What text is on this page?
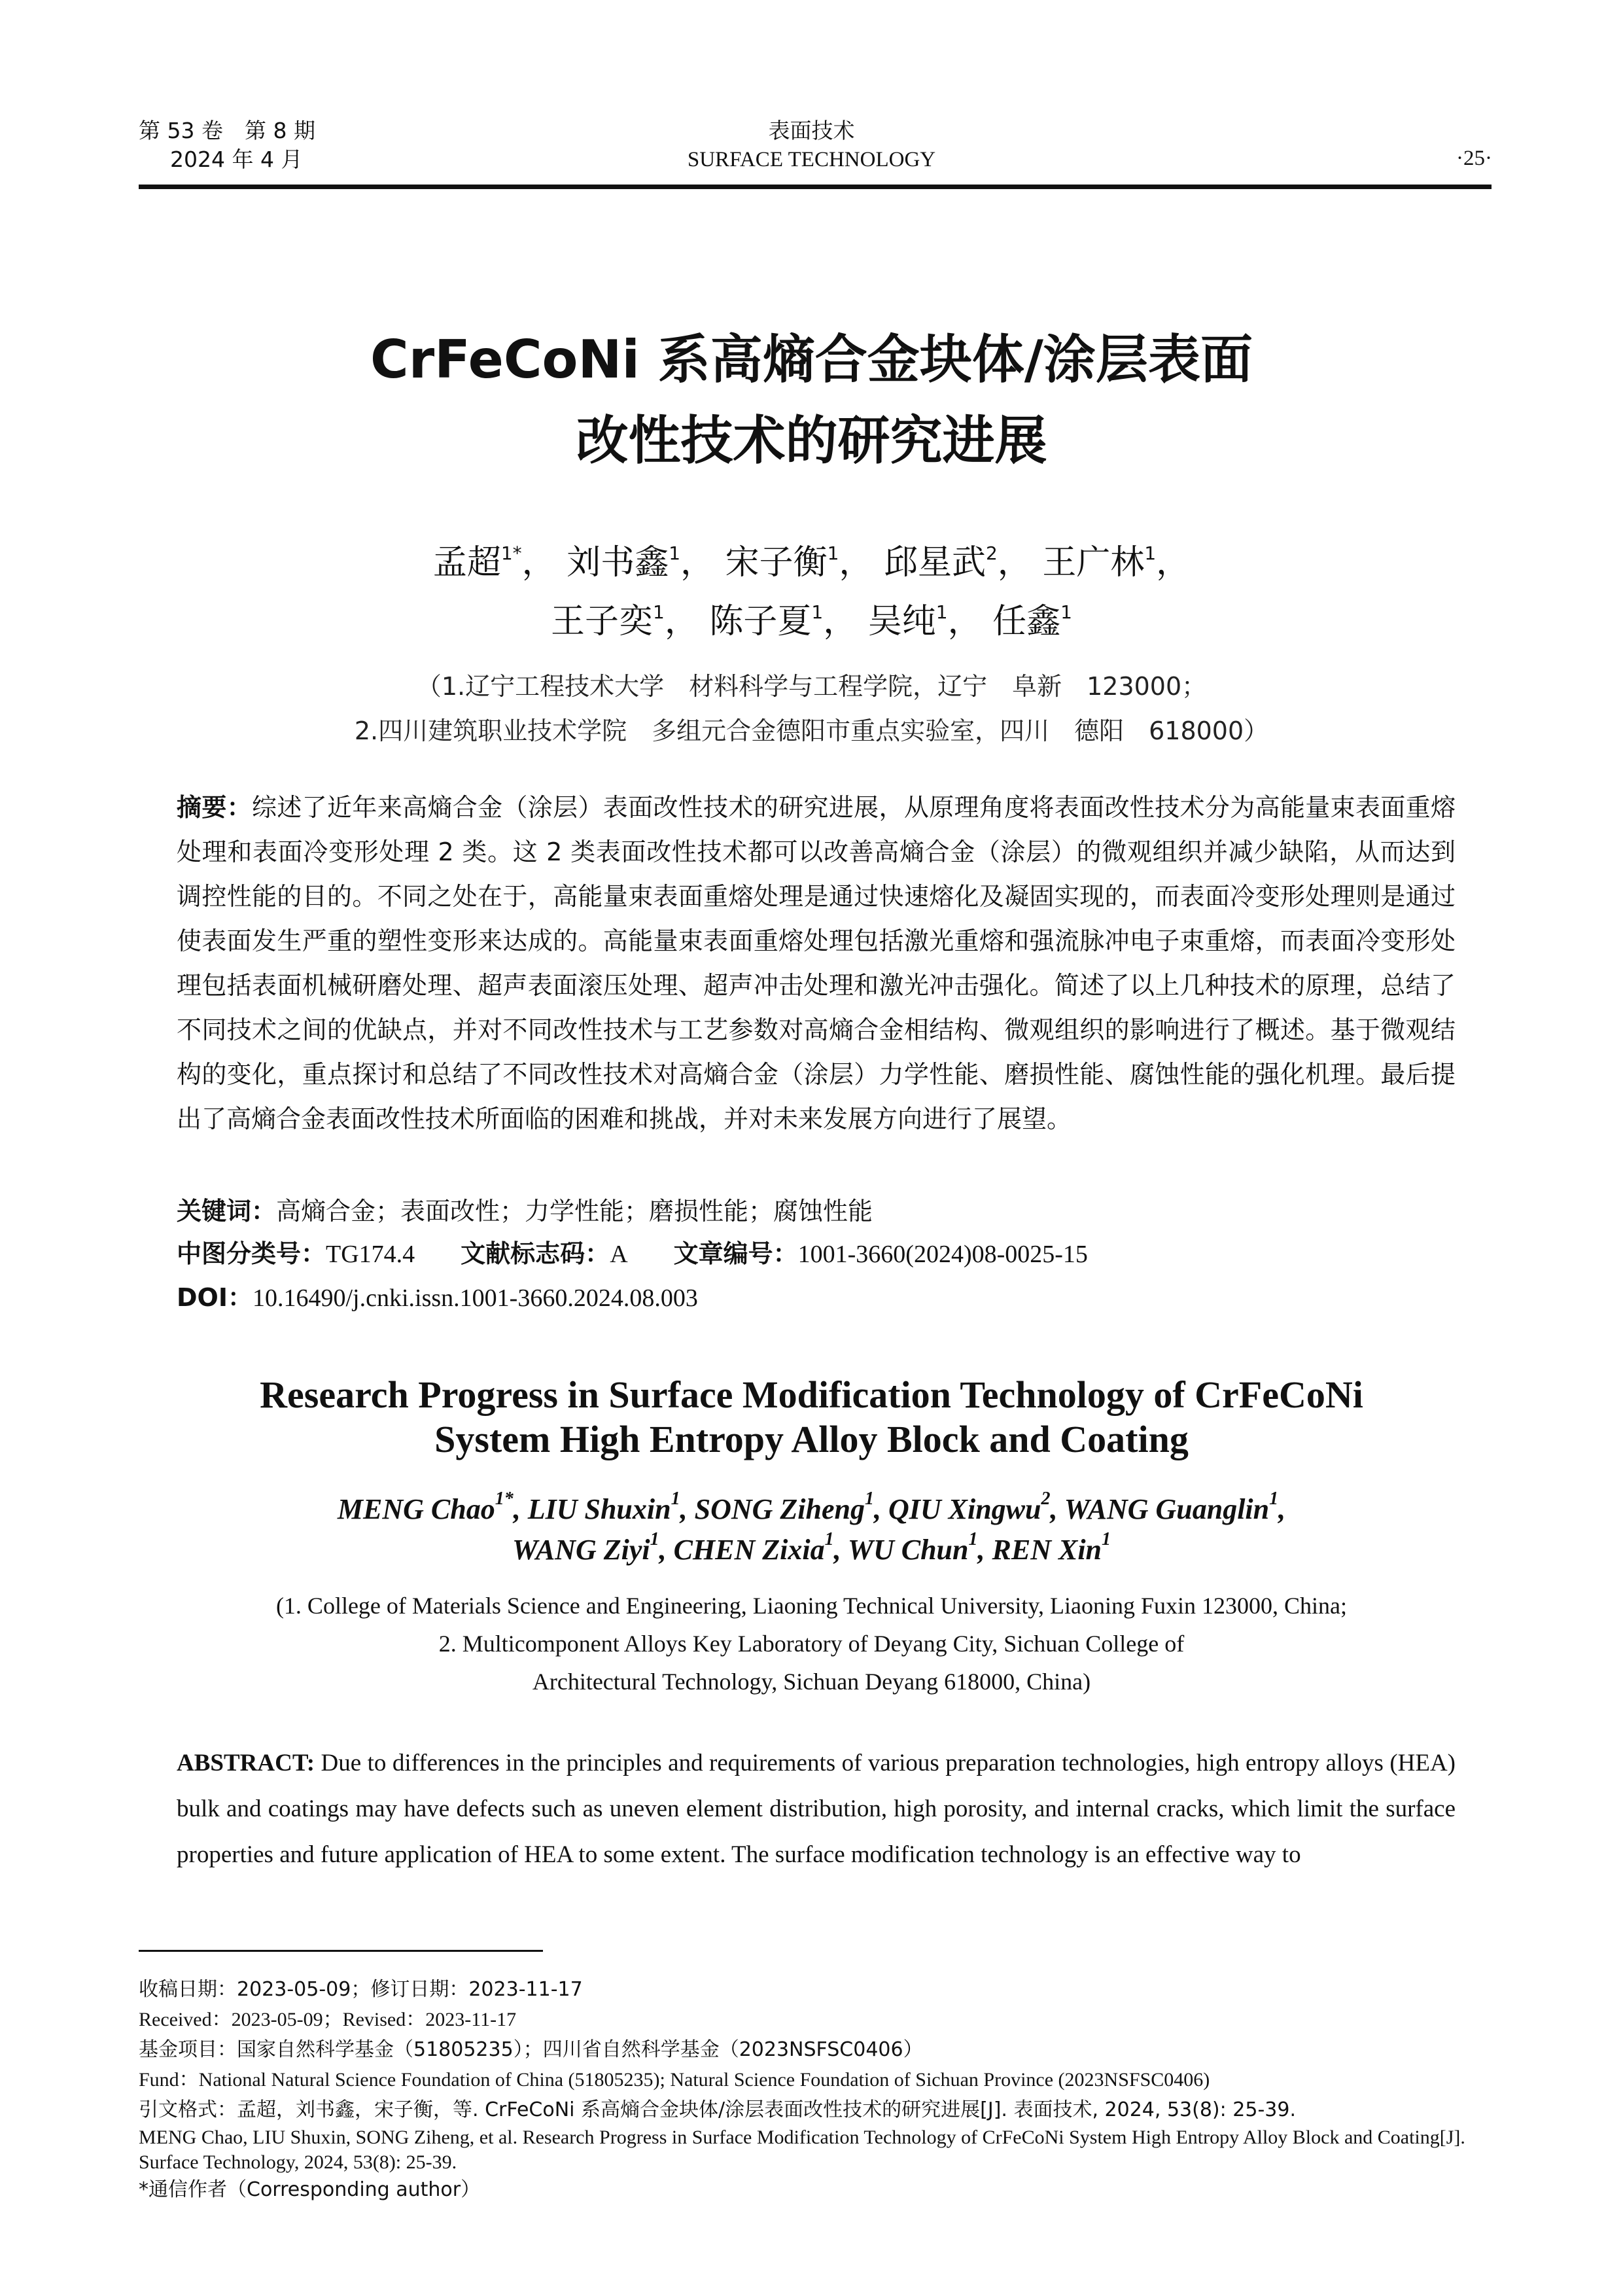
第 53 卷　第 8 期
2024 年 4 月
表面技术
SURFACE TECHNOLOGY	·25·
CrFeCoNi 系高熵合金块体/涂层表面
改性技术的研究进展
孟超$^{1*}$， 刘书鑫$^1$， 宋子衡$^1$， 邱星武$^2$， 王广林$^1$，
王子奕$^1$， 陈子夏$^1$， 吴纯$^1$， 任鑫$^1$
（1.辽宁工程技术大学　材料科学与工程学院，辽宁　阜新　123000；
2.四川建筑职业技术学院　多组元合金德阳市重点实验室，四川　德阳　618000）
摘要：综述了近年来高熵合金（涂层）表面改性技术的研究进展，从原理角度将表面改性技术分为高能量束表面重熔处理和表面冷变形处理 2 类。这 2 类表面改性技术都可以改善高熵合金（涂层）的微观组织并减少缺陷，从而达到调控性能的目的。不同之处在于，高能量束表面重熔处理是通过快速熔化及凝固实现的，而表面冷变形处理则是通过使表面发生严重的塑性变形来达成的。高能量束表面重熔处理包括激光重熔和强流脉冲电子束重熔，而表面冷变形处理包括表面机械研磨处理、超声表面滚压处理、超声冲击处理和激光冲击强化。简述了以上几种技术的原理，总结了不同技术之间的优缺点，并对不同改性技术与工艺参数对高熵合金相结构、微观组织的影响进行了概述。基于微观结构的变化，重点探讨和总结了不同改性技术对高熵合金（涂层）力学性能、磨损性能、腐蚀性能的强化机理。最后提出了高熵合金表面改性技术所面临的困难和挑战，并对未来发展方向进行了展望。
关键词：高熵合金；表面改性；力学性能；磨损性能；腐蚀性能
中图分类号：TG174.4 文献标志码：A 文章编号：1001-3660(2024)08-0025-15
DOI：10.16490/j.cnki.issn.1001-3660.2024.08.003
Research Progress in Surface Modification Technology of CrFeCoNi
System High Entropy Alloy Block and Coating
MENG Chao$^{1*}$, LIU Shuxin$^1$, SONG Ziheng$^1$, QIU Xingwu$^2$, WANG Guanglin$^1$,
WANG Ziyi$^1$, CHEN Zixia$^1$, WU Chun$^1$, REN Xin$^1$
(1. College of Materials Science and Engineering, Liaoning Technical University, Liaoning Fuxin 123000, China;
2. Multicomponent Alloys Key Laboratory of Deyang City, Sichuan College of
Architectural Technology, Sichuan Deyang 618000, China)
ABSTRACT: Due to differences in the principles and requirements of various preparation technologies, high entropy alloys (HEA) bulk and coatings may have defects such as uneven element distribution, high porosity, and internal cracks, which limit the surface properties and future application of HEA to some extent. The surface modification technology is an effective way to
收稿日期：2023-05-09；修订日期：2023-11-17
Received：2023-05-09；Revised：2023-11-17
基金项目：国家自然科学基金（51805235）；四川省自然科学基金（2023NSFSC0406）
Fund：National Natural Science Foundation of China (51805235); Natural Science Foundation of Sichuan Province (2023NSFSC0406)
引文格式：孟超，刘书鑫，宋子衡，等. CrFeCoNi 系高熵合金块体/涂层表面改性技术的研究进展[J]. 表面技术, 2024, 53(8): 25-39.
MENG Chao, LIU Shuxin, SONG Ziheng, et al. Research Progress in Surface Modification Technology of CrFeCoNi System High Entropy Alloy Block and Coating[J]. Surface Technology, 2024, 53(8): 25-39.
*通信作者（Corresponding author）
